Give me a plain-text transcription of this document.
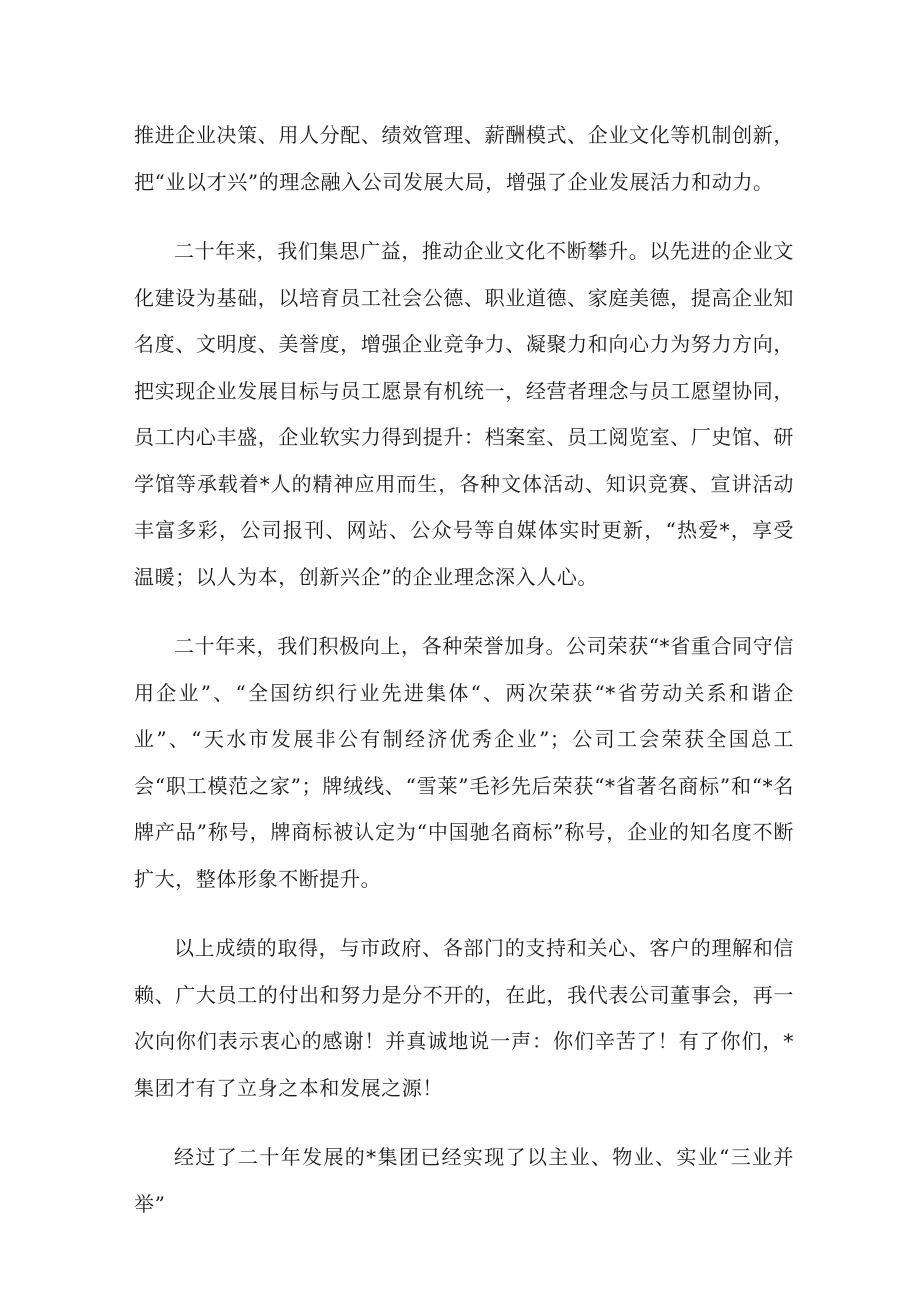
推进企业决策、用人分配、绩效管理、薪酬模式、企业文化等机制创新，把“业以才兴”的理念融入公司发展大局，增强了企业发展活力和动力。

二十年来，我们集思广益，推动企业文化不断攀升。以先进的企业文化建设为基础，以培育员工社会公德、职业道德、家庭美德，提高企业知名度、文明度、美誉度，增强企业竞争力、凝聚力和向心力为努力方向，把实现企业发展目标与员工愿景有机统一，经营者理念与员工愿望协同，员工内心丰盛，企业软实力得到提升：档案室、员工阅览室、厂史馆、研学馆等承载着*人的精神应用而生，各种文体活动、知识竞赛、宣讲活动丰富多彩，公司报刊、网站、公众号等自媒体实时更新，“热爱*，享受温暖；以人为本，创新兴企”的企业理念深入人心。

二十年来，我们积极向上，各种荣誉加身。公司荣获“*省重合同守信用企业”、“全国纺织行业先进集体“、两次荣获“*省劳动关系和谐企业”、“天水市发展非公有制经济优秀企业”；公司工会荣获全国总工会“职工模范之家”；牌绒线、“雪莱”毛衫先后荣获“*省著名商标”和“*名牌产品”称号，牌商标被认定为“中国驰名商标”称号，企业的知名度不断扩大，整体形象不断提升。

以上成绩的取得，与市政府、各部门的支持和关心、客户的理解和信赖、广大员工的付出和努力是分不开的，在此，我代表公司董事会，再一次向你们表示衷心的感谢！并真诚地说一声：你们辛苦了！有了你们，*集团才有了立身之本和发展之源！

经过了二十年发展的*集团已经实现了以主业、物业、实业“三业并举”
